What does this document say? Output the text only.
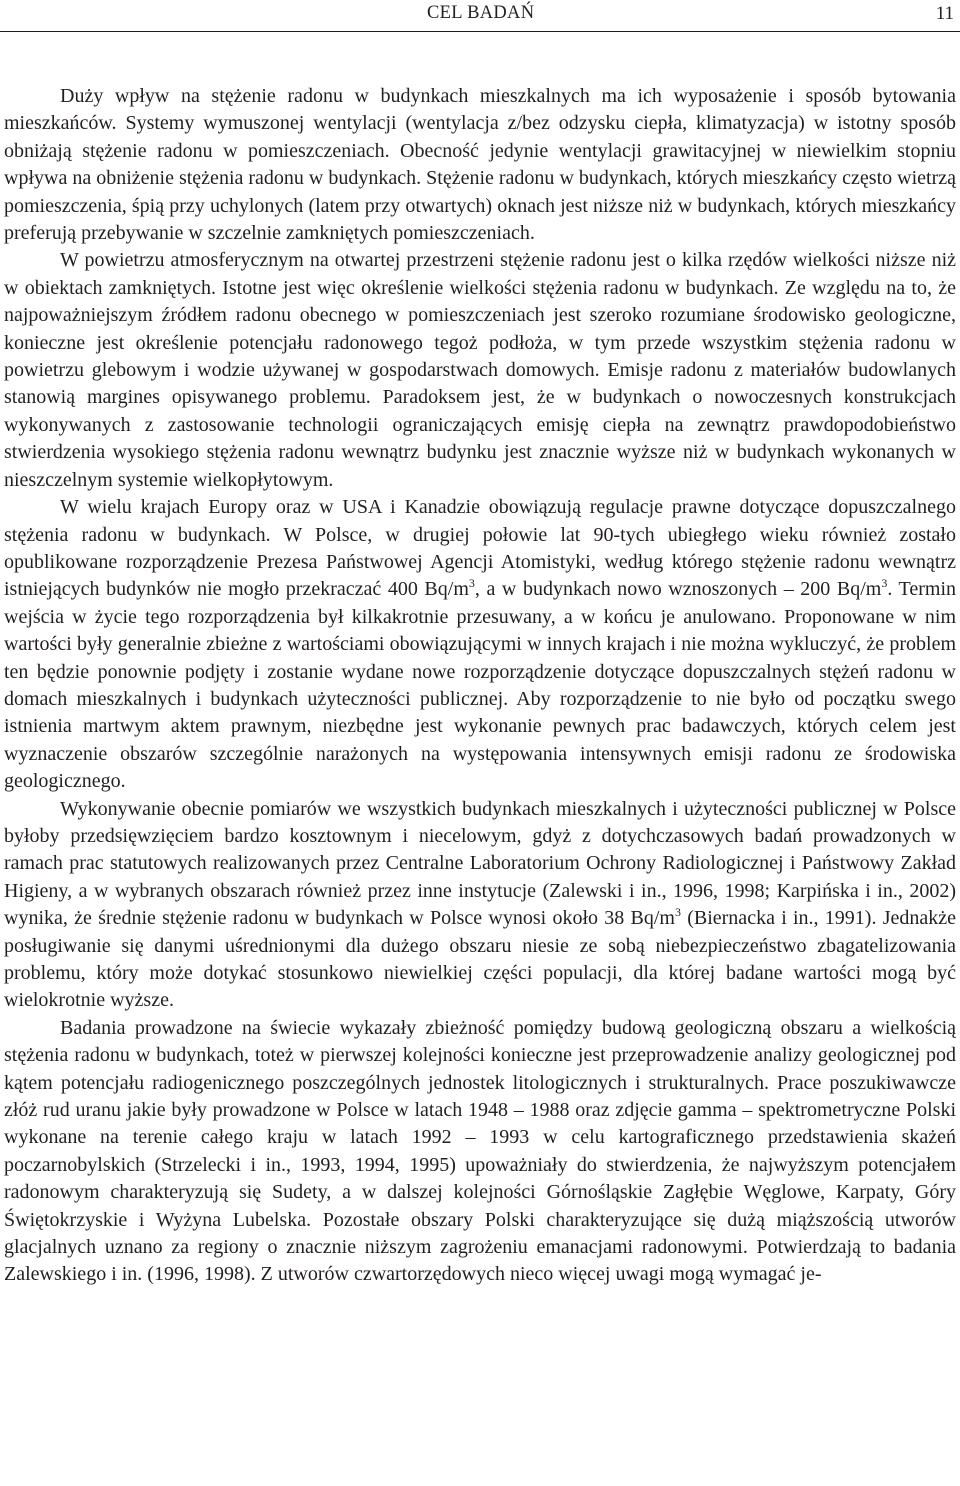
CEL BADAŃ	11

Duży wpływ na stężenie radonu w budynkach mieszkalnych ma ich wyposażenie i sposób bytowania mieszkańców. Systemy wymuszonej wentylacji (wentylacja z/bez odzysku ciepła, klimatyzacja) w istotny sposób obniżają stężenie radonu w pomieszczeniach. Obecność jedynie wentylacji grawitacyjnej w niewielkim stopniu wpływa na obniżenie stężenia radonu w budynkach. Stężenie radonu w budynkach, których mieszkańcy często wietrzą pomieszczenia, śpią przy uchylonych (latem przy otwartych) oknach jest niższe niż w budynkach, których mieszkańcy preferują przebywanie w szczelnie zamkniętych pomieszczeniach.

W powietrzu atmosferycznym na otwartej przestrzeni stężenie radonu jest o kilka rzędów wielkości niższe niż w obiektach zamkniętych. Istotne jest więc określenie wielkości stężenia radonu w budynkach. Ze względu na to, że najpoważniejszym źródłem radonu obecnego w pomieszczeniach jest szeroko rozumiane środowisko geologiczne, konieczne jest określenie potencjału radonowego tegoż podłoża, w tym przede wszystkim stężenia radonu w powietrzu glebowym i wodzie używanej w gospodarstwach domowych. Emisje radonu z materiałów budowlanych stanowią margines opisywanego problemu. Paradoksem jest, że w budynkach o nowoczesnych konstrukcjach wykonywanych z zastosowanie technologii ograniczających emisję ciepła na zewnątrz prawdopodobieństwo stwierdzenia wysokiego stężenia radonu wewnątrz budynku jest znacznie wyższe niż w budynkach wykonanych w nieszczelnym systemie wielkopłytowym.

W wielu krajach Europy oraz w USA i Kanadzie obowiązują regulacje prawne dotyczące dopuszczalnego stężenia radonu w budynkach. W Polsce, w drugiej połowie lat 90-tych ubiegłego wieku również zostało opublikowane rozporządzenie Prezesa Państwowej Agencji Atomistyki, według którego stężenie radonu wewnątrz istniejących budynków nie mogło przekraczać 400 $Bq/m^3$, a w budynkach nowo wznoszonych – 200 $Bq/m^3$. Termin wejścia w życie tego rozporządzenia był kilkakrotnie przesuwany, a w końcu je anulowano. Proponowane w nim wartości były generalnie zbieżne z wartościami obowiązującymi w innych krajach i nie można wykluczyć, że problem ten będzie ponownie podjęty i zostanie wydane nowe rozporządzenie dotyczące dopuszczalnych stężeń radonu w domach mieszkalnych i budynkach użyteczności publicznej. Aby rozporządzenie to nie było od początku swego istnienia martwym aktem prawnym, niezbędne jest wykonanie pewnych prac badawczych, których celem jest wyznaczenie obszarów szczególnie narażonych na występowania intensywnych emisji radonu ze środowiska geologicznego.

Wykonywanie obecnie pomiarów we wszystkich budynkach mieszkalnych i użyteczności publicznej w Polsce byłoby przedsięwzięciem bardzo kosztownym i niecelowym, gdyż z dotychczasowych badań prowadzonych w ramach prac statutowych realizowanych przez Centralne Laboratorium Ochrony Radiologicznej i Państwowy Zakład Higieny, a w wybranych obszarach również przez inne instytucje (Zalewski i in., 1996, 1998; Karpińska i in., 2002) wynika, że średnie stężenie radonu w budynkach w Polsce wynosi około 38 $Bq/m^3$ (Biernacka i in., 1991). Jednakże posługiwanie się danymi uśrednionymi dla dużego obszaru niesie ze sobą niebezpieczeństwo zbagatelizowania problemu, który może dotykać stosunkowo niewielkiej części populacji, dla której badane wartości mogą być wielokrotnie wyższe.

Badania prowadzone na świecie wykazały zbieżność pomiędzy budową geologiczną obszaru a wielkością stężenia radonu w budynkach, toteż w pierwszej kolejności konieczne jest przeprowadzenie analizy geologicznej pod kątem potencjału radiogenicznego poszczególnych jednostek litologicznych i strukturalnych. Prace poszukiwawcze złóż rud uranu jakie były prowadzone w Polsce w latach 1948 – 1988 oraz zdjęcie gamma – spektrometryczne Polski wykonane na terenie całego kraju w latach 1992 – 1993 w celu kartograficznego przedstawienia skażeń poczarnobylskich (Strzelecki i in., 1993, 1994, 1995) upoważniały do stwierdzenia, że najwyższym potencjałem radonowym charakteryzują się Sudety, a w dalszej kolejności Górnośląskie Zagłębie Węglowe, Karpaty, Góry Świętokrzyskie i Wyżyna Lubelska. Pozostałe obszary Polski charakteryzujące się dużą miąższością utworów glacjalnych uznano za regiony o znacznie niższym zagrożeniu emanacjami radonowymi. Potwierdzają to badania Zalewskiego i in. (1996, 1998). Z utworów czwartorzędowych nieco więcej uwagi mogą wymagać je-
